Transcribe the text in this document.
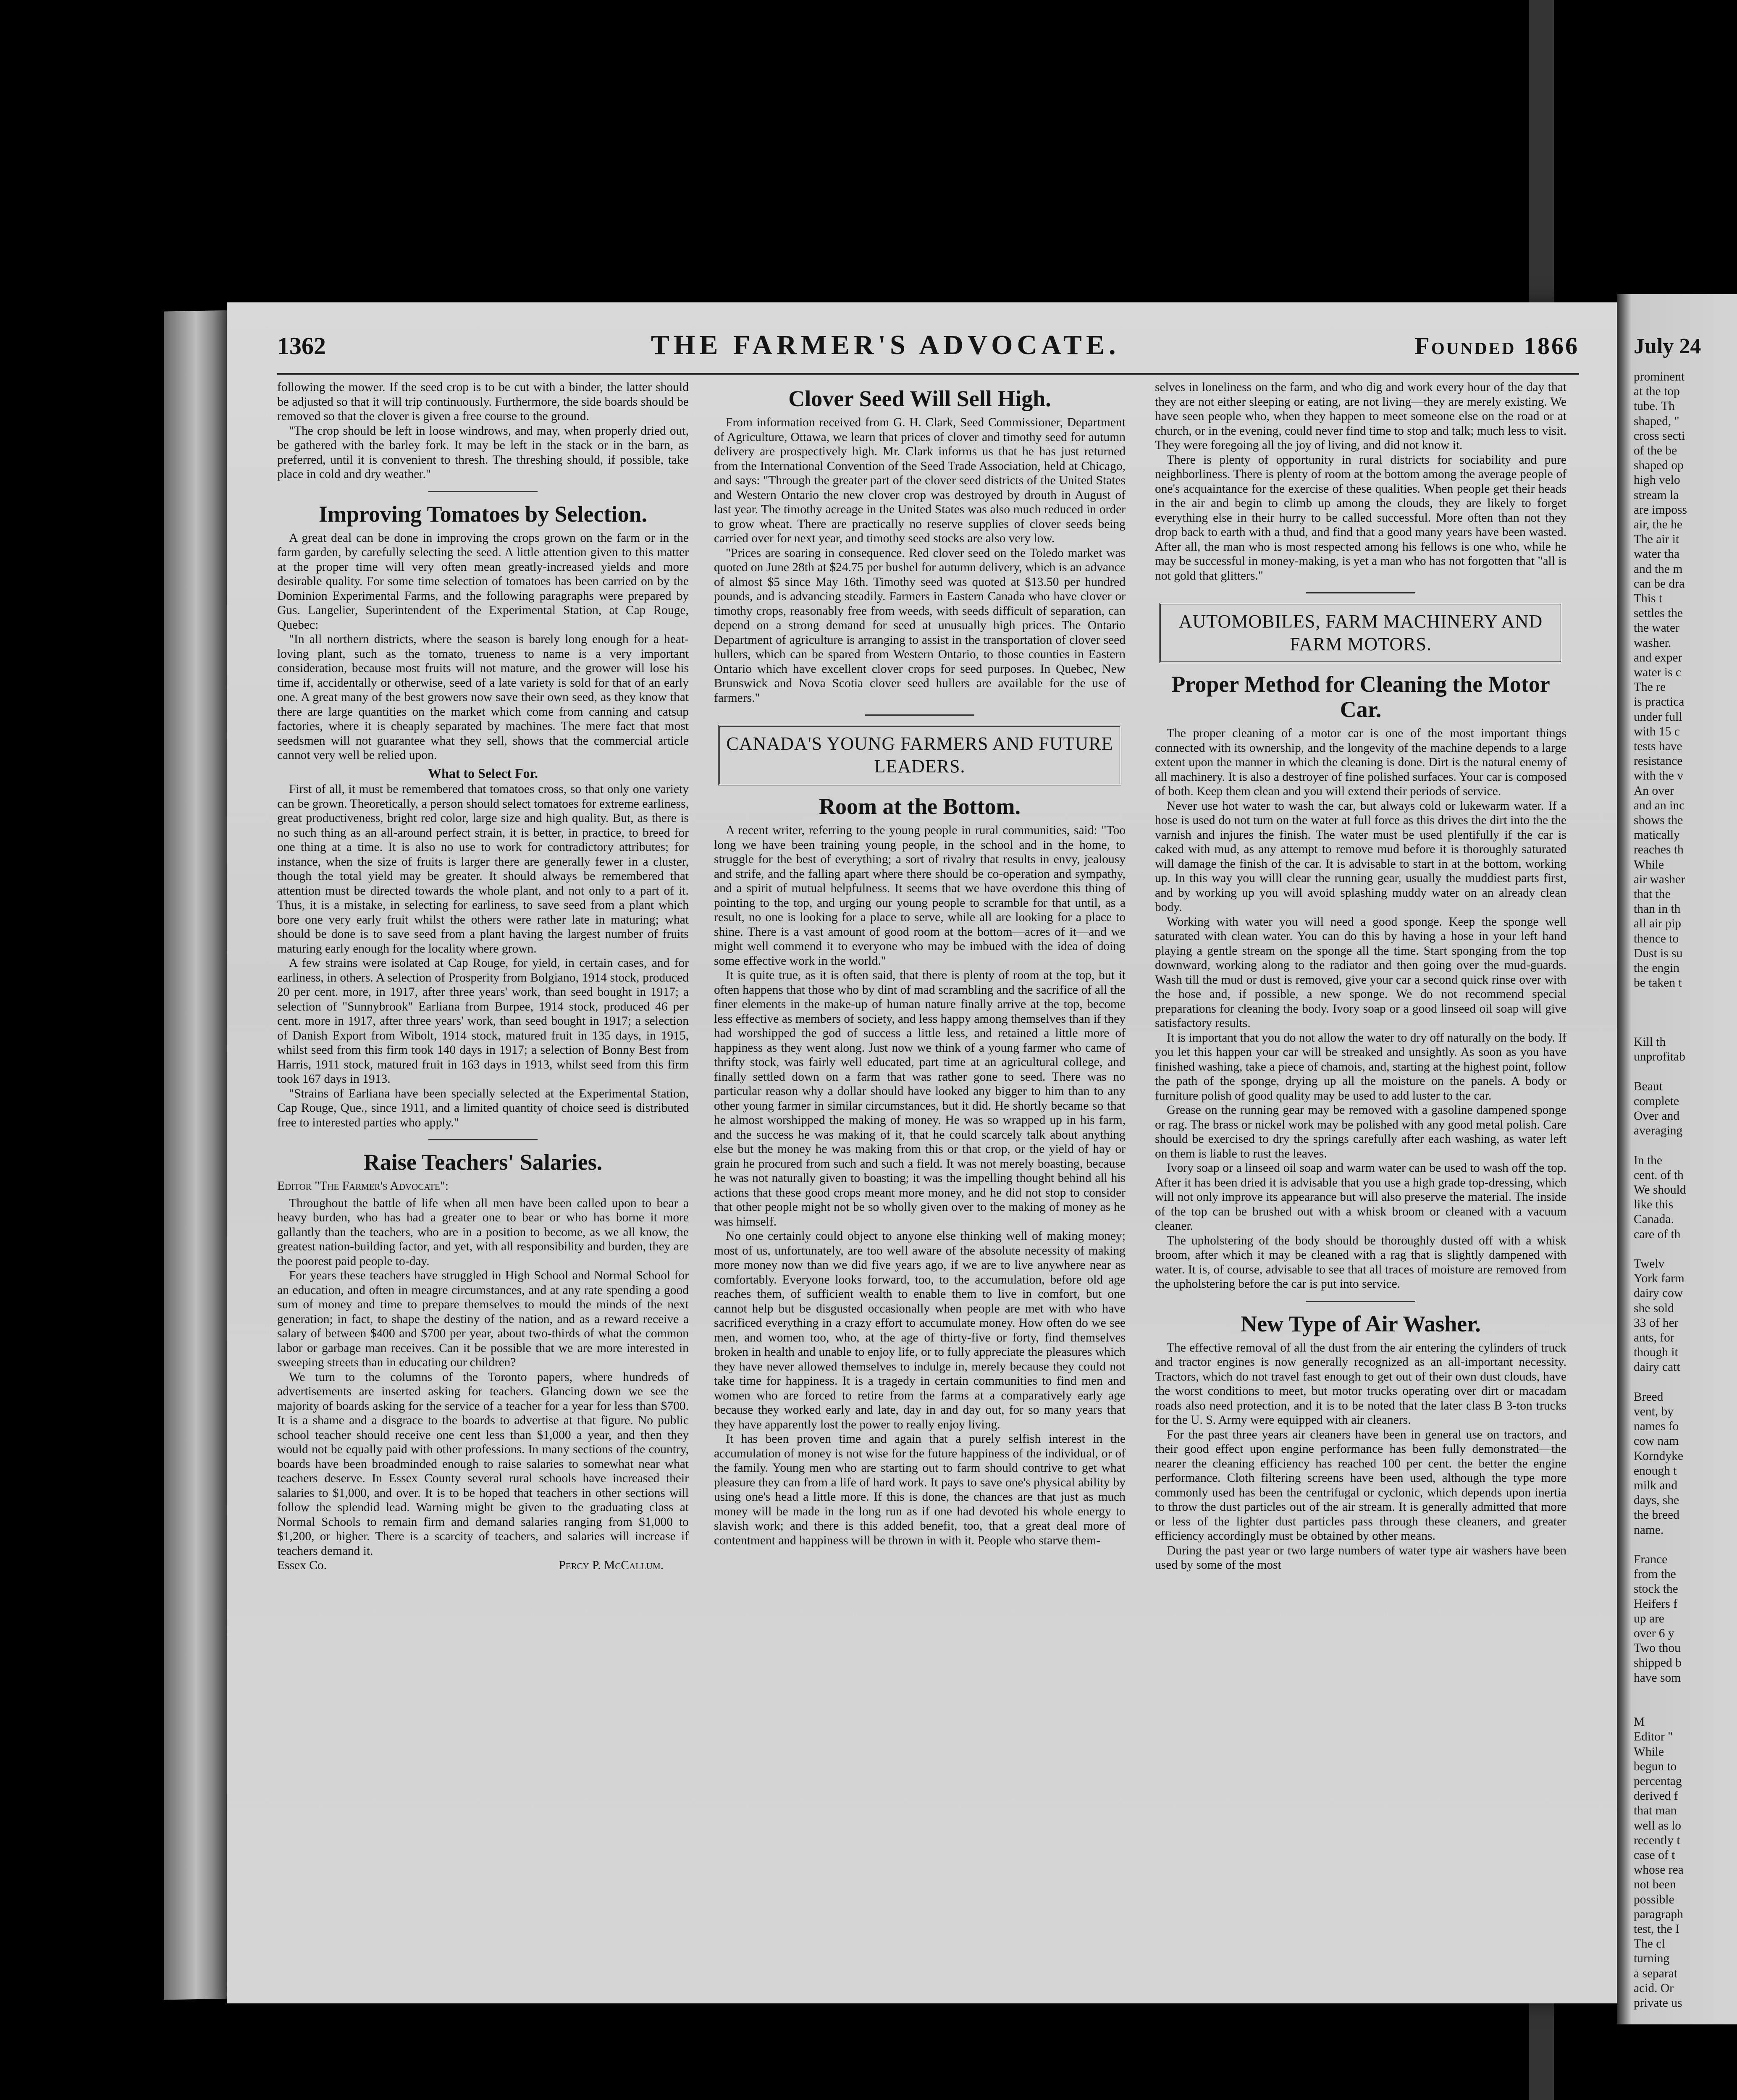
1362	THE FARMER'S ADVOCATE.	Founded 1866

following the mower. If the seed crop is to be cut with a binder, the latter should be adjusted so that it will trip continuously. Furthermore, the side boards should be removed so that the clover is given a free course to the ground.

"The crop should be left in loose windrows, and may, when properly dried out, be gathered with the barley fork. It may be left in the stack or in the barn, as preferred, until it is convenient to thresh. The threshing should, if possible, take place in cold and dry weather."

Improving Tomatoes by Selection.

A great deal can be done in improving the crops grown on the farm or in the farm garden, by carefully selecting the seed. A little attention given to this matter at the proper time will very often mean greatly-increased yields and more desirable quality. For some time selection of tomatoes has been carried on by the Dominion Experimental Farms, and the following paragraphs were prepared by Gus. Langelier, Superintendent of the Experimental Station, at Cap Rouge, Quebec:

"In all northern districts, where the season is barely long enough for a heat-loving plant, such as the tomato, trueness to name is a very important consideration, because most fruits will not mature, and the grower will lose his time if, accidentally or otherwise, seed of a late variety is sold for that of an early one. A great many of the best growers now save their own seed, as they know that there are large quantities on the market which come from canning and catsup factories, where it is cheaply separated by machines. The mere fact that most seedsmen will not guarantee what they sell, shows that the commercial article cannot very well be relied upon.

What to Select For.

First of all, it must be remembered that tomatoes cross, so that only one variety can be grown. Theoretically, a person should select tomatoes for extreme earliness, great productiveness, bright red color, large size and high quality. But, as there is no such thing as an all-around perfect strain, it is better, in practice, to breed for one thing at a time. It is also no use to work for contradictory attributes; for instance, when the size of fruits is larger there are generally fewer in a cluster, though the total yield may be greater. It should always be remembered that attention must be directed towards the whole plant, and not only to a part of it. Thus, it is a mistake, in selecting for earliness, to save seed from a plant which bore one very early fruit whilst the others were rather late in maturing; what should be done is to save seed from a plant having the largest number of fruits maturing early enough for the locality where grown.

A few strains were isolated at Cap Rouge, for yield, in certain cases, and for earliness, in others. A selection of Prosperity from Bolgiano, 1914 stock, produced 20 per cent. more, in 1917, after three years' work, than seed bought in 1917; a selection of "Sunnybrook" Earliana from Burpee, 1914 stock, produced 46 per cent. more in 1917, after three years' work, than seed bought in 1917; a selection of Danish Export from Wibolt, 1914 stock, matured fruit in 135 days, in 1915, whilst seed from this firm took 140 days in 1917; a selection of Bonny Best from Harris, 1911 stock, matured fruit in 163 days in 1913, whilst seed from this firm took 167 days in 1913.

"Strains of Earliana have been specially selected at the Experimental Station, Cap Rouge, Que., since 1911, and a limited quantity of choice seed is distributed free to interested parties who apply."

Raise Teachers' Salaries.

Editor "The Farmer's Advocate":

Throughout the battle of life when all men have been called upon to bear a heavy burden, who has had a greater one to bear or who has borne it more gallantly than the teachers, who are in a position to become, as we all know, the greatest nation-building factor, and yet, with all responsibility and burden, they are the poorest paid people to-day.

For years these teachers have struggled in High School and Normal School for an education, and often in meagre circumstances, and at any rate spending a good sum of money and time to prepare themselves to mould the minds of the next generation; in fact, to shape the destiny of the nation, and as a reward receive a salary of between $400 and $700 per year, about two-thirds of what the common labor or garbage man receives. Can it be possible that we are more interested in sweeping streets than in educating our children?

We turn to the columns of the Toronto papers, where hundreds of advertisements are inserted asking for teachers. Glancing down we see the majority of boards asking for the service of a teacher for a year for less than $700. It is a shame and a disgrace to the boards to advertise at that figure. No public school teacher should receive one cent less than $1,000 a year, and then they would not be equally paid with other professions. In many sections of the country, boards have been broadminded enough to raise salaries to somewhat near what teachers deserve. In Essex County several rural schools have increased their salaries to $1,000, and over. It is to be hoped that teachers in other sections will follow the splendid lead. Warning might be given to the graduating class at Normal Schools to remain firm and demand salaries ranging from $1,000 to $1,200, or higher. There is a scarcity of teachers, and salaries will increase if teachers demand it.

Essex Co.	Percy P. McCallum.

Clover Seed Will Sell High.

From information received from G. H. Clark, Seed Commissioner, Department of Agriculture, Ottawa, we learn that prices of clover and timothy seed for autumn delivery are prospectively high. Mr. Clark informs us that he has just returned from the International Convention of the Seed Trade Association, held at Chicago, and says: "Through the greater part of the clover seed districts of the United States and Western Ontario the new clover crop was destroyed by drouth in August of last year. The timothy acreage in the United States was also much reduced in order to grow wheat. There are practically no reserve supplies of clover seeds being carried over for next year, and timothy seed stocks are also very low.

"Prices are soaring in consequence. Red clover seed on the Toledo market was quoted on June 28th at $24.75 per bushel for autumn delivery, which is an advance of almost $5 since May 16th. Timothy seed was quoted at $13.50 per hundred pounds, and is advancing steadily. Farmers in Eastern Canada who have clover or timothy crops, reasonably free from weeds, with seeds difficult of separation, can depend on a strong demand for seed at unusually high prices. The Ontario Department of agriculture is arranging to assist in the transportation of clover seed hullers, which can be spared from Western Ontario, to those counties in Eastern Ontario which have excellent clover crops for seed purposes. In Quebec, New Brunswick and Nova Scotia clover seed hullers are available for the use of farmers."

CANADA'S YOUNG FARMERS AND FUTURE LEADERS.
Room at the Bottom.

A recent writer, referring to the young people in rural communities, said: "Too long we have been training young people, in the school and in the home, to struggle for the best of everything; a sort of rivalry that results in envy, jealousy and strife, and the falling apart where there should be co-operation and sympathy, and a spirit of mutual helpfulness. It seems that we have overdone this thing of pointing to the top, and urging our young people to scramble for that until, as a result, no one is looking for a place to serve, while all are looking for a place to shine. There is a vast amount of good room at the bottom—acres of it—and we might well commend it to everyone who may be imbued with the idea of doing some effective work in the world."

It is quite true, as it is often said, that there is plenty of room at the top, but it often happens that those who by dint of mad scrambling and the sacrifice of all the finer elements in the make-up of human nature finally arrive at the top, become less effective as members of society, and less happy among themselves than if they had worshipped the god of success a little less, and retained a little more of happiness as they went along. Just now we think of a young farmer who came of thrifty stock, was fairly well educated, part time at an agricultural college, and finally settled down on a farm that was rather gone to seed. There was no particular reason why a dollar should have looked any bigger to him than to any other young farmer in similar circumstances, but it did. He shortly became so that he almost worshipped the making of money. He was so wrapped up in his farm, and the success he was making of it, that he could scarcely talk about anything else but the money he was making from this or that crop, or the yield of hay or grain he procured from such and such a field. It was not merely boasting, because he was not naturally given to boasting; it was the impelling thought behind all his actions that these good crops meant more money, and he did not stop to consider that other people might not be so wholly given over to the making of money as he was himself.

No one certainly could object to anyone else thinking well of making money; most of us, unfortunately, are too well aware of the absolute necessity of making more money now than we did five years ago, if we are to live anywhere near as comfortably. Everyone looks forward, too, to the accumulation, before old age reaches them, of sufficient wealth to enable them to live in comfort, but one cannot help but be disgusted occasionally when people are met with who have sacrificed everything in a crazy effort to accumulate money. How often do we see men, and women too, who, at the age of thirty-five or forty, find themselves broken in health and unable to enjoy life, or to fully appreciate the pleasures which they have never allowed themselves to indulge in, merely because they could not take time for happiness. It is a tragedy in certain communities to find men and women who are forced to retire from the farms at a comparatively early age because they worked early and late, day in and day out, for so many years that they have apparently lost the power to really enjoy living.

It has been proven time and again that a purely selfish interest in the accumulation of money is not wise for the future happiness of the individual, or of the family. Young men who are starting out to farm should contrive to get what pleasure they can from a life of hard work. It pays to save one's physical ability by using one's head a little more. If this is done, the chances are that just as much money will be made in the long run as if one had devoted his whole energy to slavish work; and there is this added benefit, too, that a great deal more of contentment and happiness will be thrown in with it. People who starve them-

selves in loneliness on the farm, and who dig and work every hour of the day that they are not either sleeping or eating, are not living—they are merely existing. We have seen people who, when they happen to meet someone else on the road or at church, or in the evening, could never find time to stop and talk; much less to visit. They were foregoing all the joy of living, and did not know it.

There is plenty of opportunity in rural districts for sociability and pure neighborliness. There is plenty of room at the bottom among the average people of one's acquaintance for the exercise of these qualities. When people get their heads in the air and begin to climb up among the clouds, they are likely to forget everything else in their hurry to be called successful. More often than not they drop back to earth with a thud, and find that a good many years have been wasted. After all, the man who is most respected among his fellows is one who, while he may be successful in money-making, is yet a man who has not forgotten that "all is not gold that glitters."

AUTOMOBILES, FARM MACHINERY AND FARM MOTORS.
Proper Method for Cleaning the Motor Car.

The proper cleaning of a motor car is one of the most important things connected with its ownership, and the longevity of the machine depends to a large extent upon the manner in which the cleaning is done. Dirt is the natural enemy of all machinery. It is also a destroyer of fine polished surfaces. Your car is composed of both. Keep them clean and you will extend their periods of service.

Never use hot water to wash the car, but always cold or lukewarm water. If a hose is used do not turn on the water at full force as this drives the dirt into the the varnish and injures the finish. The water must be used plentifully if the car is caked with mud, as any attempt to remove mud before it is thoroughly saturated will damage the finish of the car. It is advisable to start in at the bottom, working up. In this way you willl clear the running gear, usually the muddiest parts first, and by working up you will avoid splashing muddy water on an already clean body.

Working with water you will need a good sponge. Keep the sponge well saturated with clean water. You can do this by having a hose in your left hand playing a gentle stream on the sponge all the time. Start sponging from the top downward, working along to the radiator and then going over the mud-guards. Wash till the mud or dust is removed, give your car a second quick rinse over with the hose and, if possible, a new sponge. We do not recommend special preparations for cleaning the body. Ivory soap or a good linseed oil soap will give satisfactory results.

It is important that you do not allow the water to dry off naturally on the body. If you let this happen your car will be streaked and unsightly. As soon as you have finished washing, take a piece of chamois, and, starting at the highest point, follow the path of the sponge, drying up all the moisture on the panels. A body or furniture polish of good quality may be used to add luster to the car.

Grease on the running gear may be removed with a gasoline dampened sponge or rag. The brass or nickel work may be polished with any good metal polish. Care should be exercised to dry the springs carefully after each washing, as water left on them is liable to rust the leaves.

Ivory soap or a linseed oil soap and warm water can be used to wash off the top. After it has been dried it is advisable that you use a high grade top-dressing, which will not only improve its appearance but will also preserve the material. The inside of the top can be brushed out with a whisk broom or cleaned with a vacuum cleaner.

The upholstering of the body should be thoroughly dusted off with a whisk broom, after which it may be cleaned with a rag that is slightly dampened with water. It is, of course, advisable to see that all traces of moisture are removed from the upholstering before the car is put into service.

New Type of Air Washer.

The effective removal of all the dust from the air entering the cylinders of truck and tractor engines is now generally recognized as an all-important necessity. Tractors, which do not travel fast enough to get out of their own dust clouds, have the worst conditions to meet, but motor trucks operating over dirt or macadam roads also need protection, and it is to be noted that the later class B 3-ton trucks for the U. S. Army were equipped with air cleaners.

For the past three years air cleaners have been in general use on tractors, and their good effect upon engine performance has been fully demonstrated—the nearer the cleaning efficiency has reached 100 per cent. the better the engine performance. Cloth filtering screens have been used, although the type more commonly used has been the centrifugal or cyclonic, which depends upon inertia to throw the dust particles out of the air stream. It is generally admitted that more or less of the lighter dust particles pass through these cleaners, and greater efficiency accordingly must be obtained by other means.

During the past year or two large numbers of water type air washers have been used by some of the most

July 24
prominent
at the top
tube. Th
shaped, "
cross secti
of the be
shaped op
high velo
stream la
are imposs
air, the he
The air it
water tha
and the m
can be dra
This t
settles the
the water
washer.
and exper
water is c
The re
is practica
under full
with 15 c
tests have
resistance
with the v
An over
and an inc
shows the
matically
reaches th
While
air washer
that the
than in th
all air pip
thence to
Dust is su
the engin
be taken t
Kill th
unprofitab
Beaut
complete
Over and
averaging
In the
cent. of th
We should
like this
Canada.
care of th
Twelv
York farm
dairy cow
she sold
33 of her
ants, for
though it
dairy catt
Breed
vent, by
names fo
cow nam
Korndyke
enough t
milk and
days, she
the breed
name.
France
from the
stock the
Heifers f
up are
over 6 y
Two thou
shipped b
have som
M
Editor "
While
begun to
percentag
derived f
that man
well as lo
recently t
case of t
whose rea
not been
possible
paragraph
test, the I
The cl
turning
a separat
acid. Or
private us
